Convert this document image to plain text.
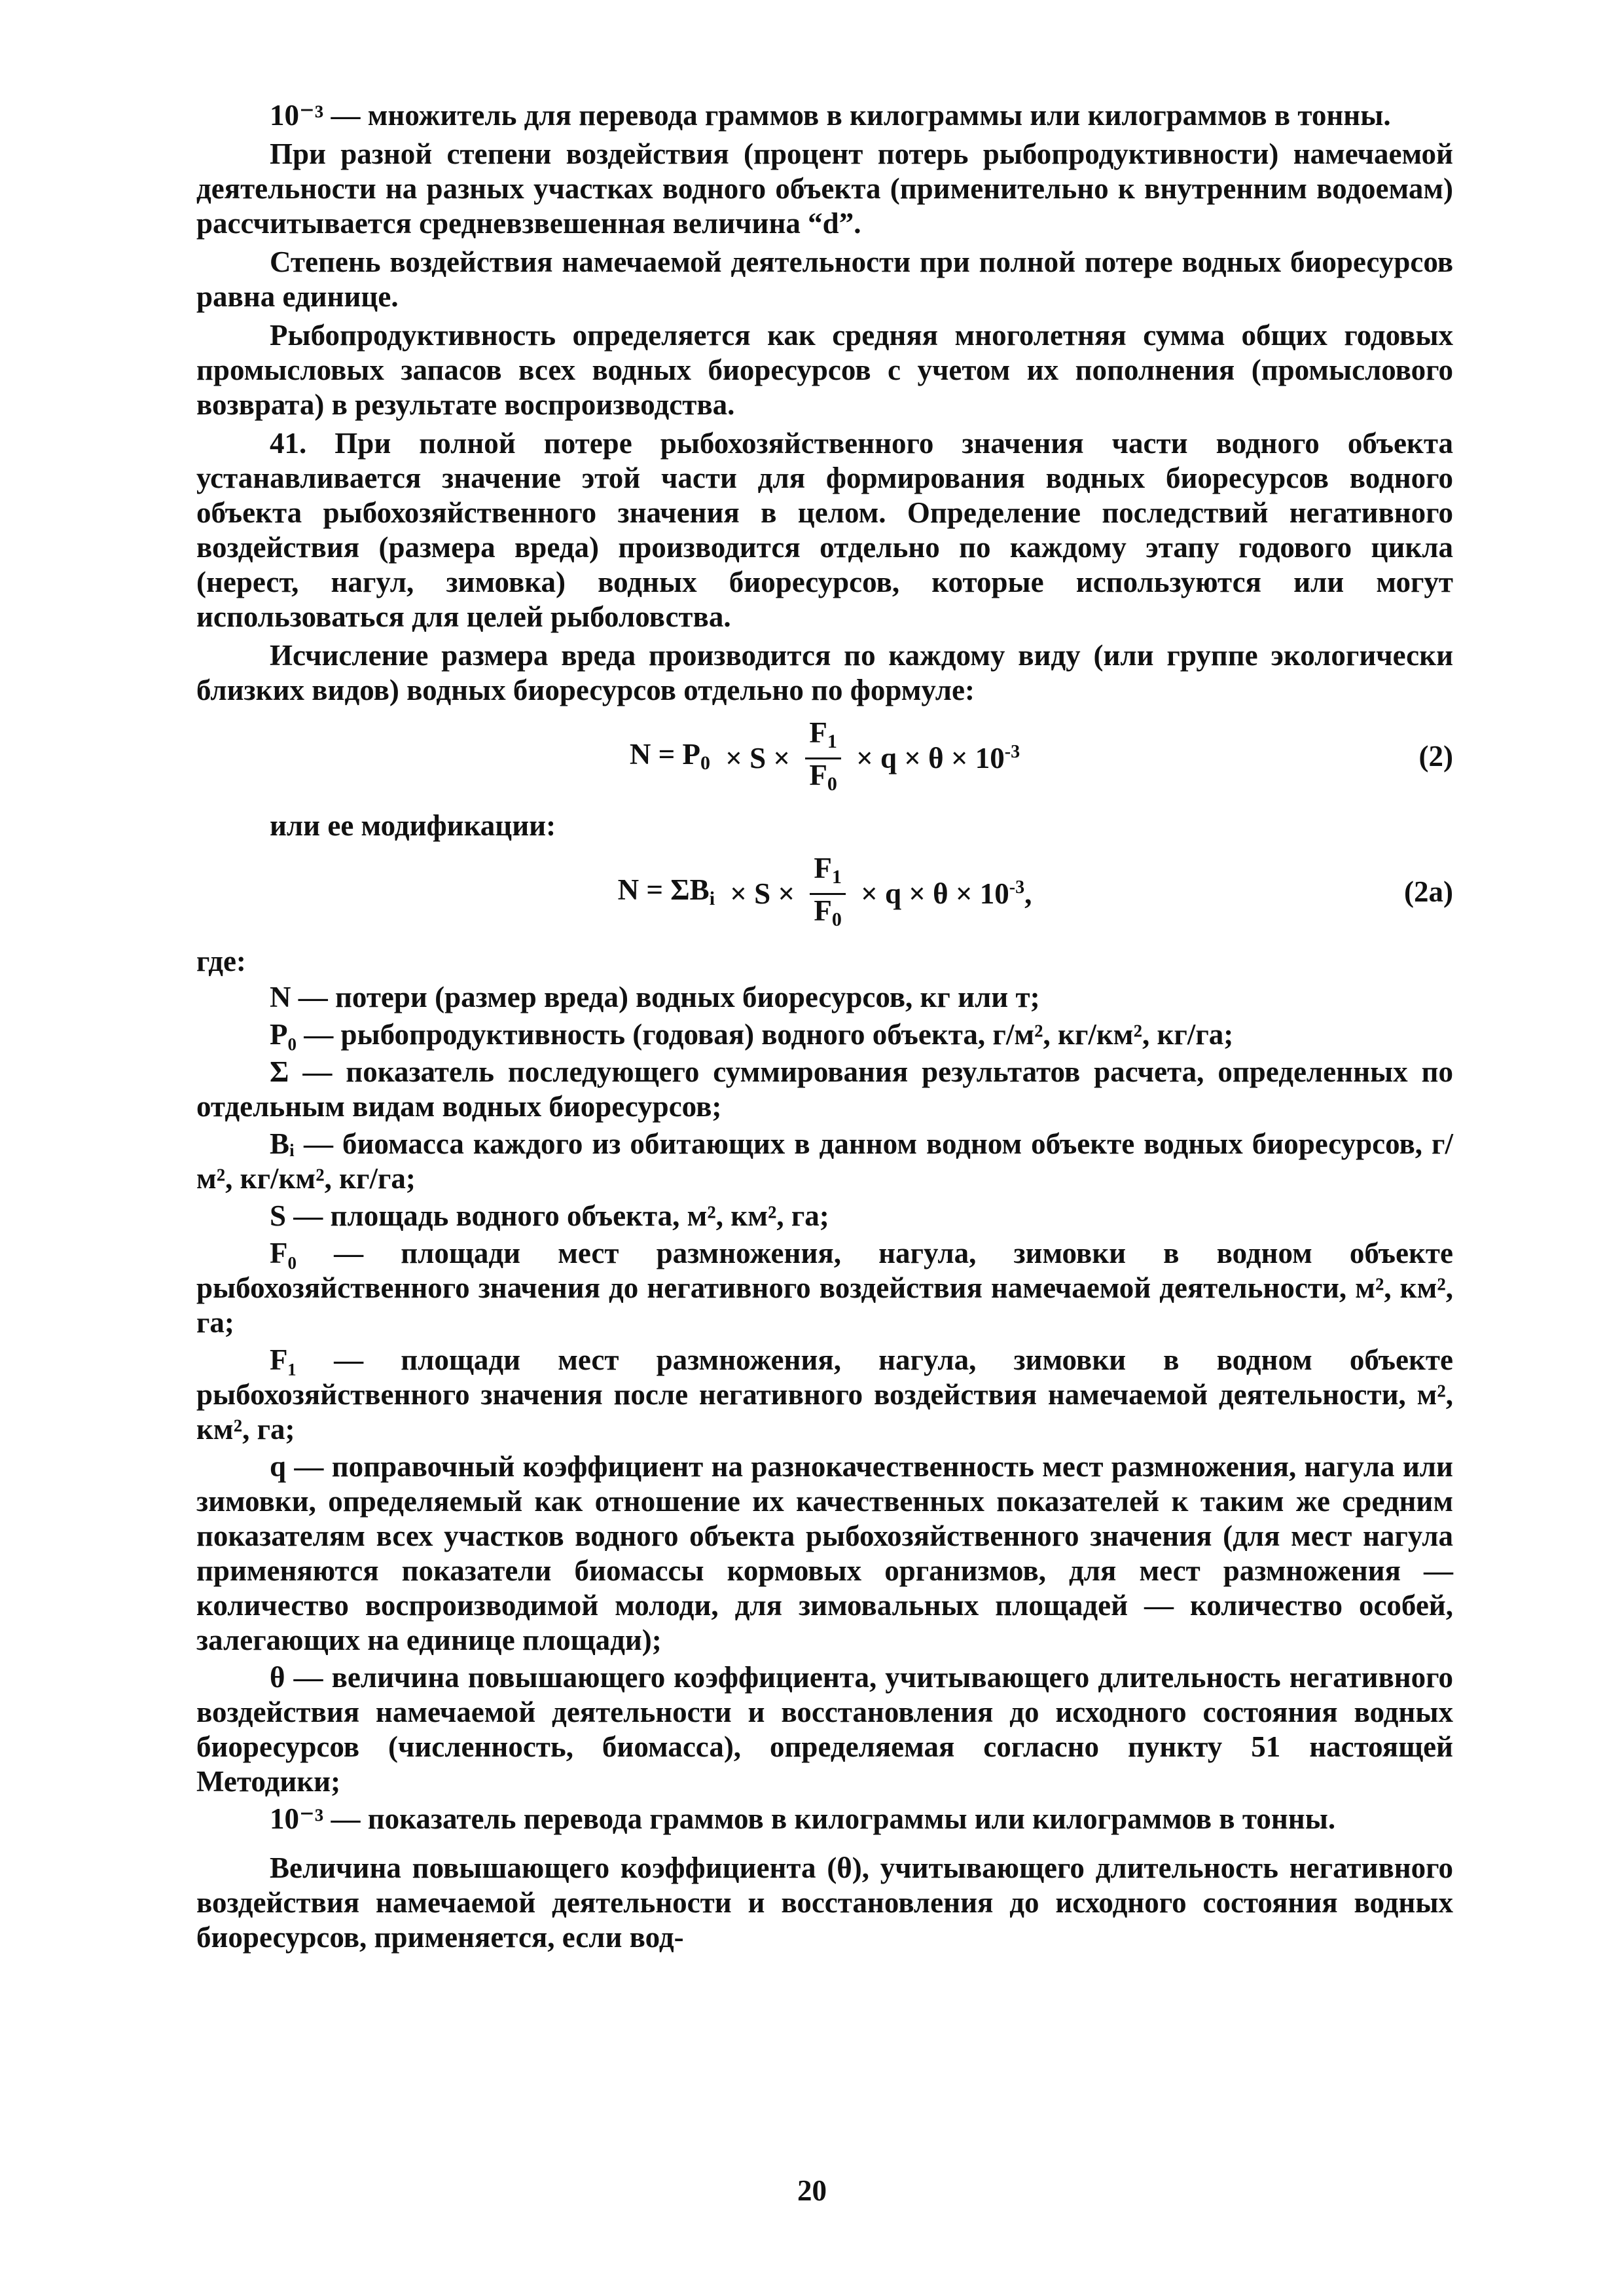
10⁻³ — множитель для перевода граммов в килограммы или килограммов в тонны.

При разной степени воздействия (процент потерь рыбопродуктивности) намечаемой деятельности на разных участках водного объекта (применительно к внутренним водоемам) рассчитывается средневзвешенная величина “d”.

Степень воздействия намечаемой деятельности при полной потере водных биоресурсов равна единице.

Рыбопродуктивность определяется как средняя многолетняя сумма общих годовых промысловых запасов всех водных биоресурсов с учетом их пополнения (промыслового возврата) в результате воспроизводства.

41. При полной потере рыбохозяйственного значения части водного объекта устанавливается значение этой части для формирования водных биоресурсов водного объекта рыбохозяйственного значения в целом. Определение последствий негативного воздействия (размера вреда) производится отдельно по каждому этапу годового цикла (нерест, нагул, зимовка) водных биоресурсов, которые используются или могут использоваться для целей рыболовства.

Исчисление размера вреда производится по каждому виду (или группе экологически близких видов) водных биоресурсов отдельно по формуле:

$N = P_0 \times S \times \frac{F_1}{F_0} \times q \times \theta \times 10^{-3}$	(2)

или ее модификации:

$N = \Sigma B_i \times S \times \frac{F_1}{F_0} \times q \times \theta \times 10^{-3}$,	(2а)

где:

N — потери (размер вреда) водных биоресурсов, кг или т;

P₀ — рыбопродуктивность (годовая) водного объекта, г/м², кг/км², кг/га;

Σ — показатель последующего суммирования результатов расчета, определенных по отдельным видам водных биоресурсов;

Bᵢ — биомасса каждого из обитающих в данном водном объекте водных биоресурсов, г/м², кг/км², кг/га;

S — площадь водного объекта, м², км², га;

F₀ — площади мест размножения, нагула, зимовки в водном объекте рыбохозяйственного значения до негативного воздействия намечаемой деятельности, м², км², га;

F₁ — площади мест размножения, нагула, зимовки в водном объекте рыбохозяйственного значения после негативного воздействия намечаемой деятельности, м², км², га;

q — поправочный коэффициент на разнокачественность мест размножения, нагула или зимовки, определяемый как отношение их качественных показателей к таким же средним показателям всех участков водного объекта рыбохозяйственного значения (для мест нагула применяются показатели биомассы кормовых организмов, для мест размножения — количество воспроизводимой молоди, для зимовальных площадей — количество особей, залегающих на единице площади);

θ — величина повышающего коэффициента, учитывающего длительность негативного воздействия намечаемой деятельности и восстановления до исходного состояния водных биоресурсов (численность, биомасса), определяемая согласно пункту 51 настоящей Методики;

10⁻³ — показатель перевода граммов в килограммы или килограммов в тонны.

Величина повышающего коэффициента (θ), учитывающего длительность негативного воздействия намечаемой деятельности и восстановления до исходного состояния водных биоресурсов, применяется, если вод-

20
